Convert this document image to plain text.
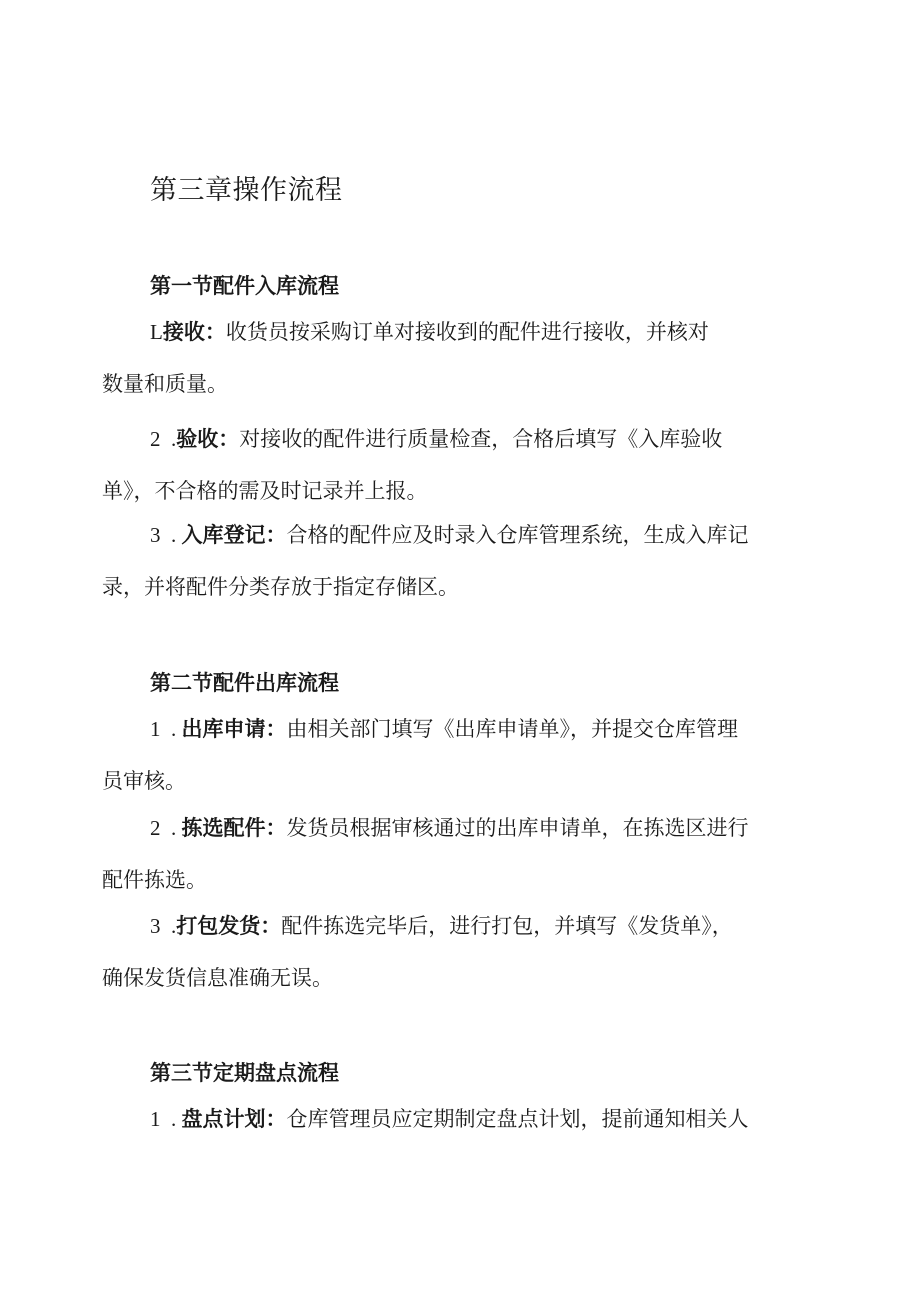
第三章操作流程
第一节配件入库流程
L接收：收货员按采购订单对接收到的配件进行接收，并核对
数量和质量。
2  .验收：对接收的配件进行质量检查，合格后填写《入库验收
单》，不合格的需及时记录并上报。
3  . 入库登记：合格的配件应及时录入仓库管理系统，生成入库记
录，并将配件分类存放于指定存储区。
第二节配件出库流程
1  . 出库申请：由相关部门填写《出库申请单》，并提交仓库管理
员审核。
2  . 拣选配件：发货员根据审核通过的出库申请单，在拣选区进行
配件拣选。
3  .打包发货：配件拣选完毕后，进行打包，并填写《发货单》，
确保发货信息准确无误。
第三节定期盘点流程
1  . 盘点计划：仓库管理员应定期制定盘点计划，提前通知相关人
